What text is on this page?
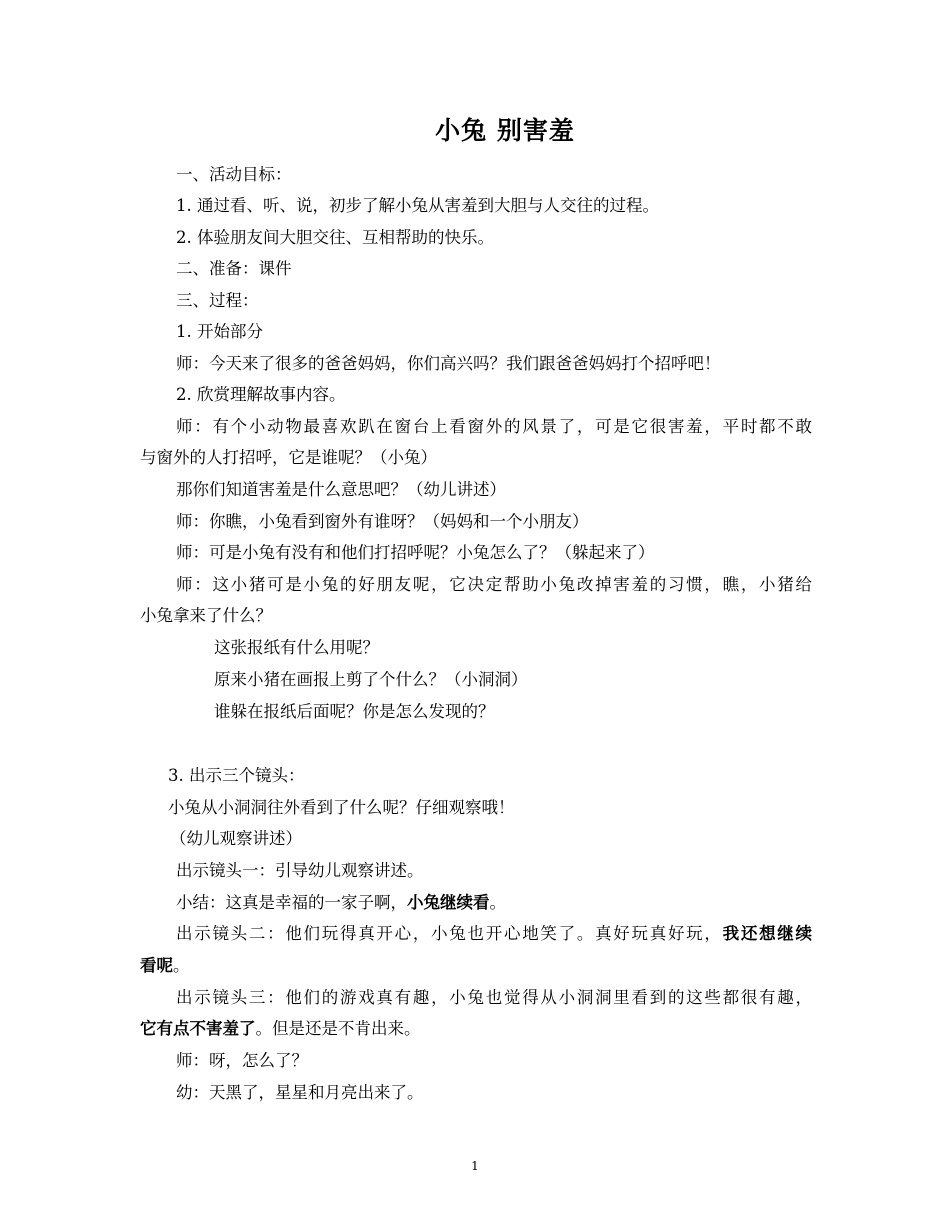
小兔 别害羞
一、活动目标：
1. 通过看、听、说，初步了解小兔从害羞到大胆与人交往的过程。
2. 体验朋友间大胆交往、互相帮助的快乐。
二、准备：课件
三、过程：
1. 开始部分
师：今天来了很多的爸爸妈妈，你们高兴吗？我们跟爸爸妈妈打个招呼吧！
2. 欣赏理解故事内容。
师：有个小动物最喜欢趴在窗台上看窗外的风景了，可是它很害羞，平时都不敢
与窗外的人打招呼，它是谁呢？（小兔）
那你们知道害羞是什么意思吧？（幼儿讲述）
师：你瞧，小兔看到窗外有谁呀？（妈妈和一个小朋友）
师：可是小兔有没有和他们打招呼呢？小兔怎么了？（躲起来了）
师：这小猪可是小兔的好朋友呢，它决定帮助小兔改掉害羞的习惯，瞧，小猪给
小兔拿来了什么？
这张报纸有什么用呢？
原来小猪在画报上剪了个什么？（小洞洞）
谁躲在报纸后面呢？你是怎么发现的？
3. 出示三个镜头：
小兔从小洞洞往外看到了什么呢？仔细观察哦！
（幼儿观察讲述）
出示镜头一：引导幼儿观察讲述。
小结：这真是幸福的一家子啊，小兔继续看。
出示镜头二：他们玩得真开心，小兔也开心地笑了。真好玩真好玩，我还想继续
看呢。
出示镜头三：他们的游戏真有趣，小兔也觉得从小洞洞里看到的这些都很有趣，
它有点不害羞了。但是还是不肯出来。
师：呀，怎么了？
幼：天黑了，星星和月亮出来了。
1
